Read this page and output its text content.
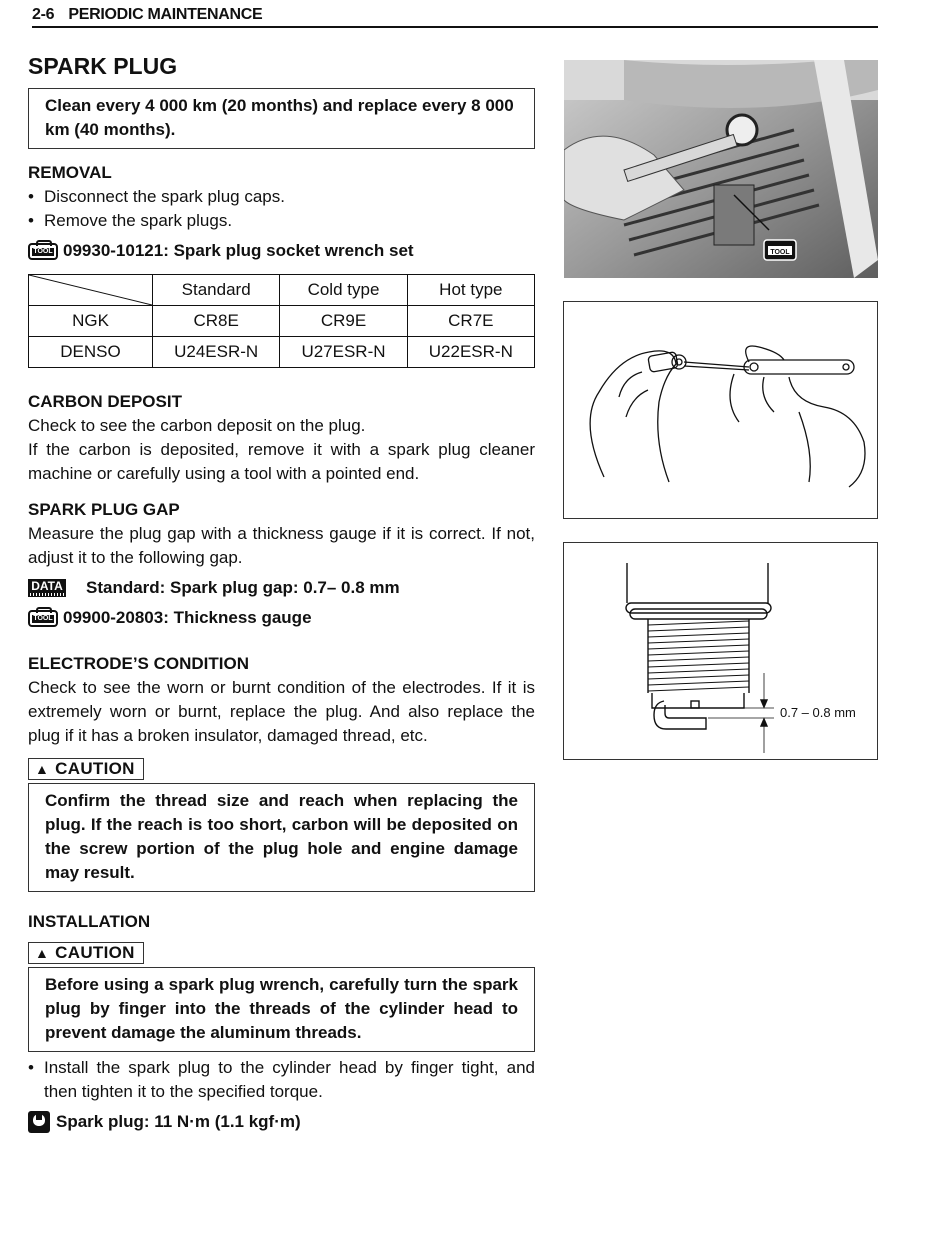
2-6 PERIODIC MAINTENANCE
SPARK PLUG
Clean every 4 000 km (20 months) and replace every 8 000 km (40 months).
REMOVAL
• Disconnect the spark plug caps.
• Remove the spark plugs.
TOOL 09930-10121: Spark plug socket wrench set
	Standard	Cold type	Hot type
NGK	CR8E	CR9E	CR7E
DENSO	U24ESR-N	U27ESR-N	U22ESR-N
CARBON DEPOSIT

Check to see the carbon deposit on the plug.

If the carbon is deposited, remove it with a spark plug cleaner machine or carefully using a tool with a pointed end.

SPARK PLUG GAP

Measure the plug gap with a thickness gauge if it is correct. If not, adjust it to the following gap.

DATA Standard: Spark plug gap: 0.7– 0.8 mm
TOOL 09900-20803: Thickness gauge
ELECTRODE’S CONDITION

Check to see the worn or burnt condition of the electrodes. If it is extremely worn or burnt, replace the plug. And also replace the plug if it has a broken insulator, damaged thread, etc.

▲ CAUTION
Confirm the thread size and reach when replacing the plug. If the reach is too short, carbon will be deposited on the screw portion of the plug hole and engine damage may result.
INSTALLATION
▲ CAUTION
Before using a spark plug wrench, carefully turn the spark plug by finger into the threads of the cylinder head to prevent damage the aluminum threads.
• Install the spark plug to the cylinder head by finger tight, and then tighten it to the specified torque.
Spark plug: 11 N·m (1.1 kgf·m)
TOOL
0.7 – 0.8 mm
